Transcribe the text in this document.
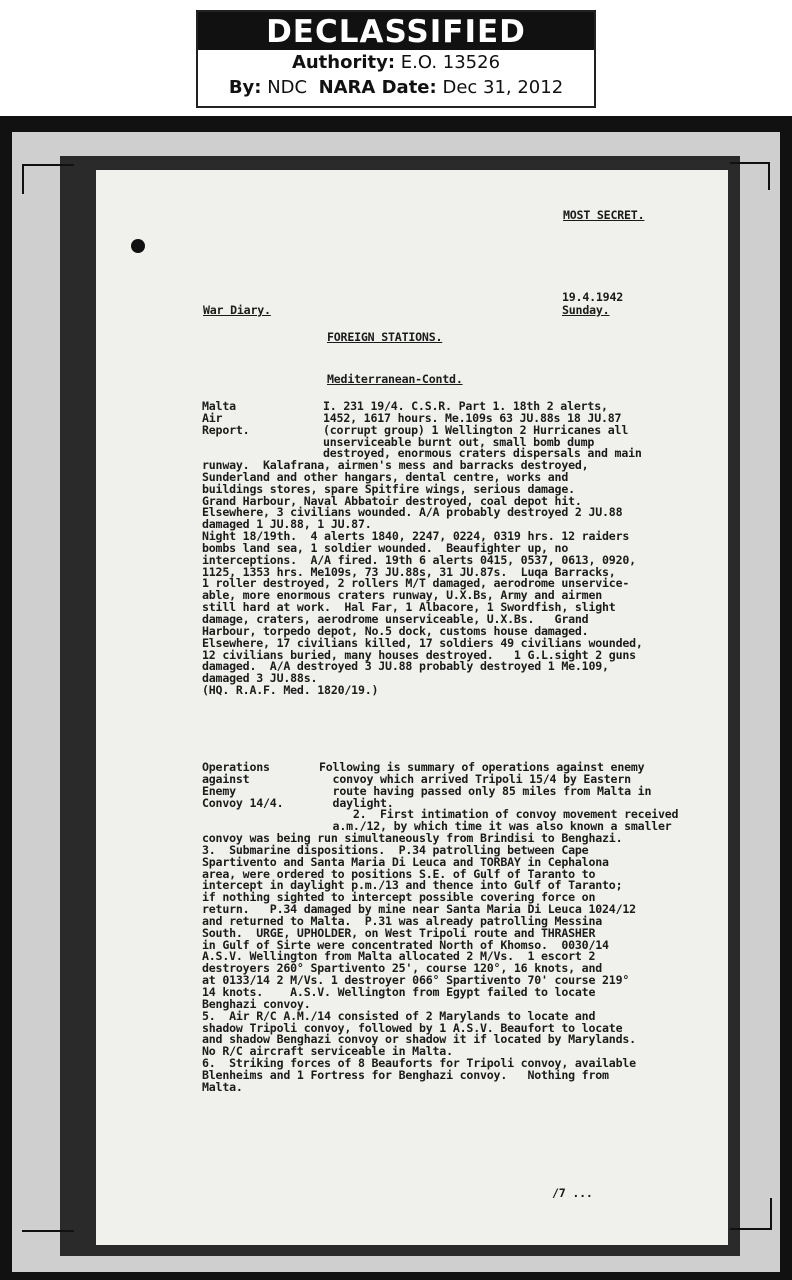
DECLASSIFIED
Authority: E.O. 13526
By: NDC NARA Date: Dec 31, 2012
MOST SECRET.
War Diary.
19.4.1942
Sunday.
FOREIGN STATIONS.
Mediterranean-Contd.
Malta
Air
Report.
I. 231 19/4. C.S.R. Part 1. 18th 2 alerts,
1452, 1617 hours. Me.109s 63 JU.88s 18 JU.87
(corrupt group) 1 Wellington 2 Hurricanes all
unserviceable burnt out, small bomb dump
destroyed, enormous craters dispersals and main
runway.  Kalafrana, airmen's mess and barracks destroyed,
Sunderland and other hangars, dental centre, works and
buildings stores, spare Spitfire wings, serious damage.
Grand Harbour, Naval Abbatoir destroyed, coal depot hit.
Elsewhere, 3 civilians wounded. A/A probably destroyed 2 JU.88
damaged 1 JU.88, 1 JU.87.
Night 18/19th.  4 alerts 1840, 2247, 0224, 0319 hrs. 12 raiders
bombs land sea, 1 soldier wounded.  Beaufighter up, no
interceptions.  A/A fired. 19th 6 alerts 0415, 0537, 0613, 0920,
1125, 1353 hrs. Me109s, 73 JU.88s, 31 JU.87s.  Luqa Barracks,
1 roller destroyed, 2 rollers M/T damaged, aerodrome unservice-
able, more enormous craters runway, U.X.Bs, Army and airmen
still hard at work.  Hal Far, 1 Albacore, 1 Swordfish, slight
damage, craters, aerodrome unserviceable, U.X.Bs.   Grand
Harbour, torpedo depot, No.5 dock, customs house damaged.
Elsewhere, 17 civilians killed, 17 soldiers 49 civilians wounded,
12 civilians buried, many houses destroyed.   1 G.L.sight 2 guns
damaged.  A/A destroyed 3 JU.88 probably destroyed 1 Me.109,
damaged 3 JU.88s.
(HQ. R.A.F. Med. 1820/19.)
Operations
against
Enemy
Convoy 14/4.
Following is summary of operations against enemy
convoy which arrived Tripoli 15/4 by Eastern
route having passed only 85 miles from Malta in
daylight.
2.  First intimation of convoy movement received
a.m./12, by which time it was also known a smaller
convoy was being run simultaneously from Brindisi to Benghazi.
3.  Submarine dispositions.  P.34 patrolling between Cape
Spartivento and Santa Maria Di Leuca and TORBAY in Cephalona
area, were ordered to positions S.E. of Gulf of Taranto to
intercept in daylight p.m./13 and thence into Gulf of Taranto;
if nothing sighted to intercept possible covering force on
return.   P.34 damaged by mine near Santa Maria Di Leuca 1024/12
and returned to Malta.  P.31 was already patrolling Messina
South.  URGE, UPHOLDER, on West Tripoli route and THRASHER
in Gulf of Sirte were concentrated North of Khomso.  0030/14
A.S.V. Wellington from Malta allocated 2 M/Vs.  1 escort 2
destroyers 260° Spartivento 25', course 120°, 16 knots, and
at 0133/14 2 M/Vs. 1 destroyer 066° Spartivento 70' course 219°
14 knots.    A.S.V. Wellington from Egypt failed to locate
Benghazi convoy.
5.  Air R/C A.M./14 consisted of 2 Marylands to locate and
shadow Tripoli convoy, followed by 1 A.S.V. Beaufort to locate
and shadow Benghazi convoy or shadow it if located by Marylands.
No R/C aircraft serviceable in Malta.
6.  Striking forces of 8 Beauforts for Tripoli convoy, available
Blenheims and 1 Fortress for Benghazi convoy.   Nothing from
Malta.
/7 ...
